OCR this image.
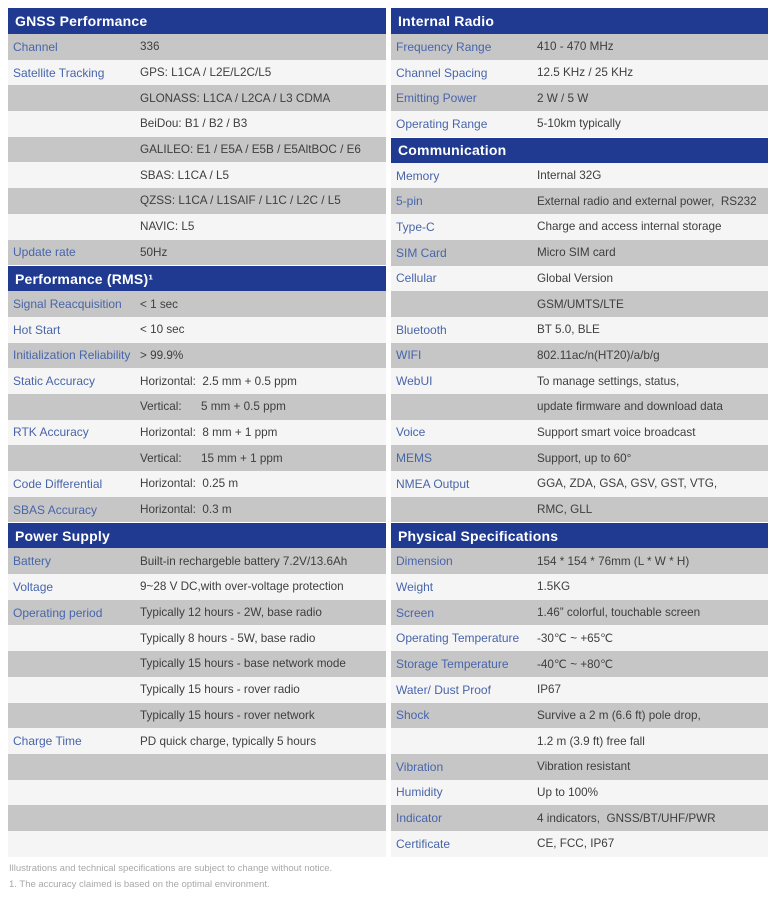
GNSS Performance
Channel	336
Satellite Tracking	GPS: L1CA / L2E/L2C/L5
GLONASS: L1CA / L2CA / L3 CDMA
BeiDou: B1 / B2 / B3
GALILEO: E1 / E5A / E5B / E5AltBOC / E6
SBAS: L1CA / L5
QZSS: L1CA / L1SAIF / L1C / L2C / L5
NAVIC: L5
Update rate	50Hz
Performance (RMS)¹
Signal Reacquisition	< 1 sec
Hot Start	< 10 sec
Initialization Reliability > 99.9%
Static Accuracy	Horizontal:  2.5 mm + 0.5 ppm
Vertical:      5 mm + 0.5 ppm
RTK Accuracy	Horizontal:  8 mm + 1 ppm
Vertical:      15 mm + 1 ppm
Code Differential	Horizontal:  0.25 m
SBAS Accuracy	Horizontal:  0.3 m
Power Supply
Battery	Built-in rechargeble battery 7.2V/13.6Ah
Voltage	9~28 V DC,with over-voltage protection
Operating period	Typically 12 hours - 2W, base radio
Typically 8 hours - 5W, base radio
Typically 15 hours - base network mode
Typically 15 hours - rover radio
Typically 15 hours - rover network
Charge Time	PD quick charge, typically 5 hours
Internal Radio
Frequency Range	410 - 470 MHz
Channel Spacing	12.5 KHz / 25 KHz
Emitting Power	2 W / 5 W
Operating Range	5-10km typically
Communication
Memory	Internal 32G
5-pin	External radio and external power,  RS232
Type-C	Charge and access internal storage
SIM Card	Micro SIM card
Cellular	Global Version
GSM/UMTS/LTE
Bluetooth	BT 5.0, BLE
WIFI	802.11ac/n(HT20)/a/b/g
WebUI	To manage settings, status,
update firmware and download data
Voice	Support smart voice broadcast
MEMS	Support, up to 60°
NMEA Output	GGA, ZDA, GSA, GSV, GST, VTG,
RMC, GLL
Physical Specifications
Dimension	154 * 154 * 76mm (L * W * H)
Weight	1.5KG
Screen	1.46” colorful, touchable screen
Operating Temperature	-30℃ ~ +65℃
Storage Temperature	-40℃ ~ +80℃
Water/ Dust Proof	IP67
Shock	Survive a 2 m (6.6 ft) pole drop,
1.2 m (3.9 ft) free fall
Vibration	Vibration resistant
Humidity	Up to 100%
Indicator	4 indicators,  GNSS/BT/UHF/PWR
Certificate	CE, FCC, IP67
Illustrations and technical specifications are subject to change without notice.
1. The accuracy claimed is based on the optimal environment.
